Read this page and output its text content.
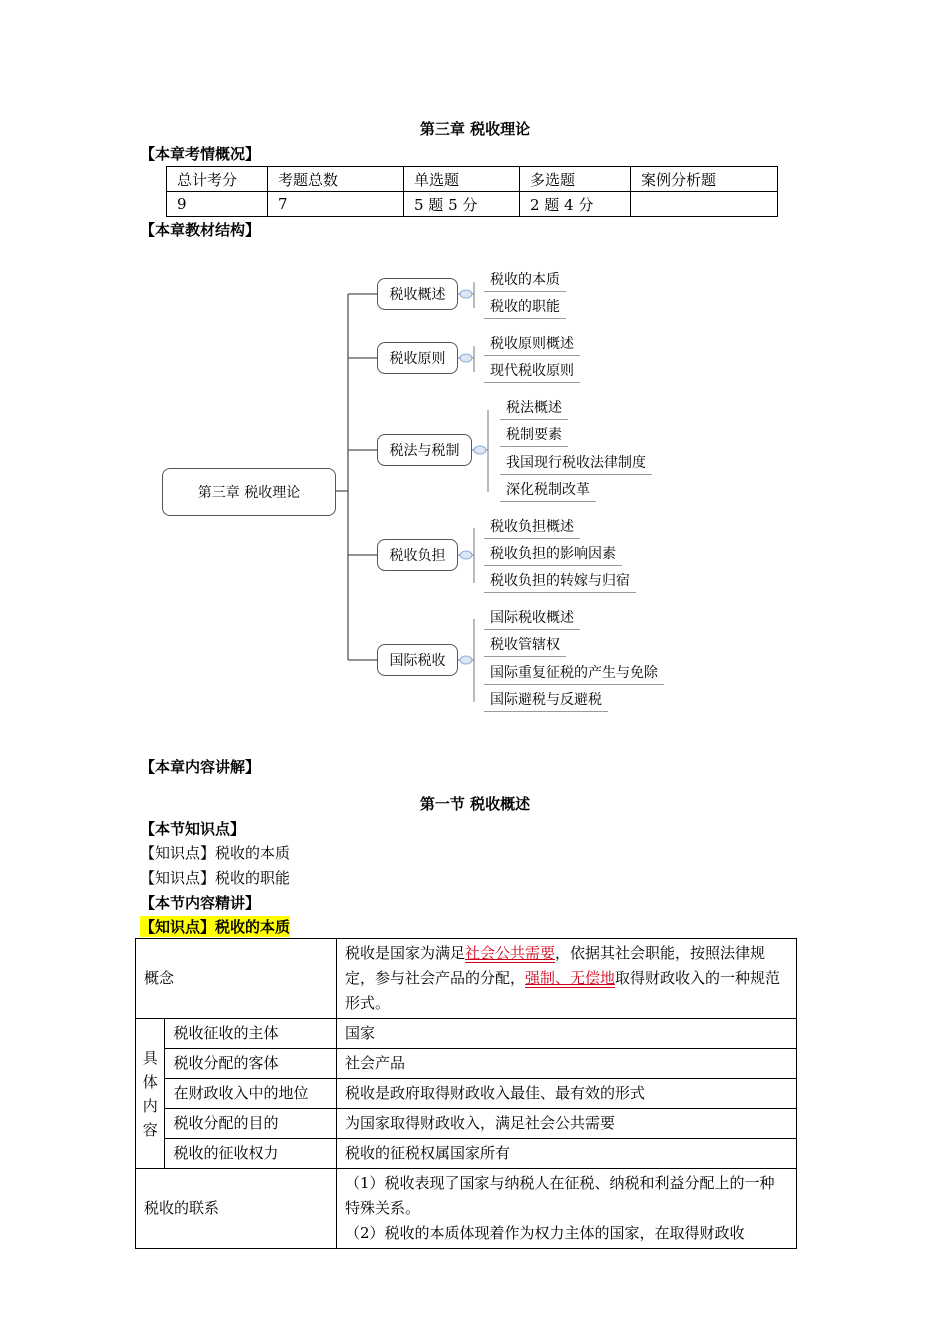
第三章 税收理论
【本章考情概况】
总计考分	考题总数	单选题	多选题	案例分析题
9	7	5 题 5 分	2 题 4 分	
【本章教材结构】
第三章 税收理论
税收概述
税收原则
税法与税制
税收负担
国际税收
税收的本质
税收的职能
税收原则概述
现代税收原则
税法概述
税制要素
我国现行税收法律制度
深化税制改革
税收负担概述
税收负担的影响因素
税收负担的转嫁与归宿
国际税收概述
税收管辖权
国际重复征税的产生与免除
国际避税与反避税
【本章内容讲解】
第一节 税收概述
【本节知识点】
【知识点】税收的本质
【知识点】税收的职能
【本节内容精讲】
【知识点】税收的本质
概念		税收是国家为满足社会公共需要，依据其社会职能，按照法律规定，参与社会产品的分配，强制、无偿地取得财政收入的一种规范形式。
具体内容	税收征收的主体	国家
	税收分配的客体	社会产品
	在财政收入中的地位	税收是政府取得财政收入最佳、最有效的形式
	税收分配的目的	为国家取得财政收入，满足社会公共需要
	税收的征收权力	税收的征税权属国家所有
税收的联系		（1）税收表现了国家与纳税人在征税、纳税和利益分配上的一种特殊关系。
（2）税收的本质体现着作为权力主体的国家，在取得财政收
